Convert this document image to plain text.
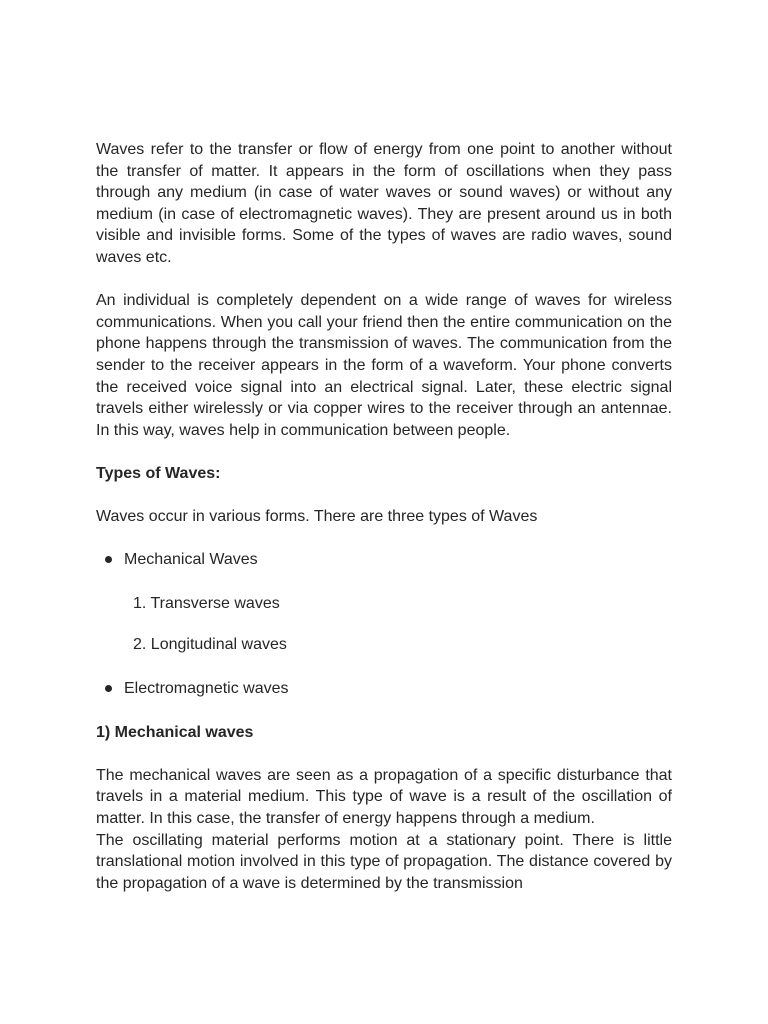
Waves refer to the transfer or flow of energy from one point to another without the transfer of matter. It appears in the form of oscillations when they pass through any medium (in case of water waves or sound waves) or without any medium (in case of electromagnetic waves). They are present around us in both visible and invisible forms. Some of the types of waves are radio waves, sound waves etc.

An individual is completely dependent on a wide range of waves for wireless communications. When you call your friend then the entire communication on the phone happens through the transmission of waves. The communication from the sender to the receiver appears in the form of a waveform. Your phone converts the received voice signal into an electrical signal. Later, these electric signal travels either wirelessly or via copper wires to the receiver through an antennae. In this way, waves help in communication between people.

Types of Waves:

Waves occur in various forms. There are three types of Waves

Mechanical Waves
1. Transverse waves
2. Longitudinal waves
Electromagnetic waves

1) Mechanical waves

The mechanical waves are seen as a propagation of a specific disturbance that travels in a material medium. This type of wave is a result of the oscillation of matter. In this case, the transfer of energy happens through a medium.

The oscillating material performs motion at a stationary point. There is little translational motion involved in this type of propagation. The distance covered by the propagation of a wave is determined by the transmission
